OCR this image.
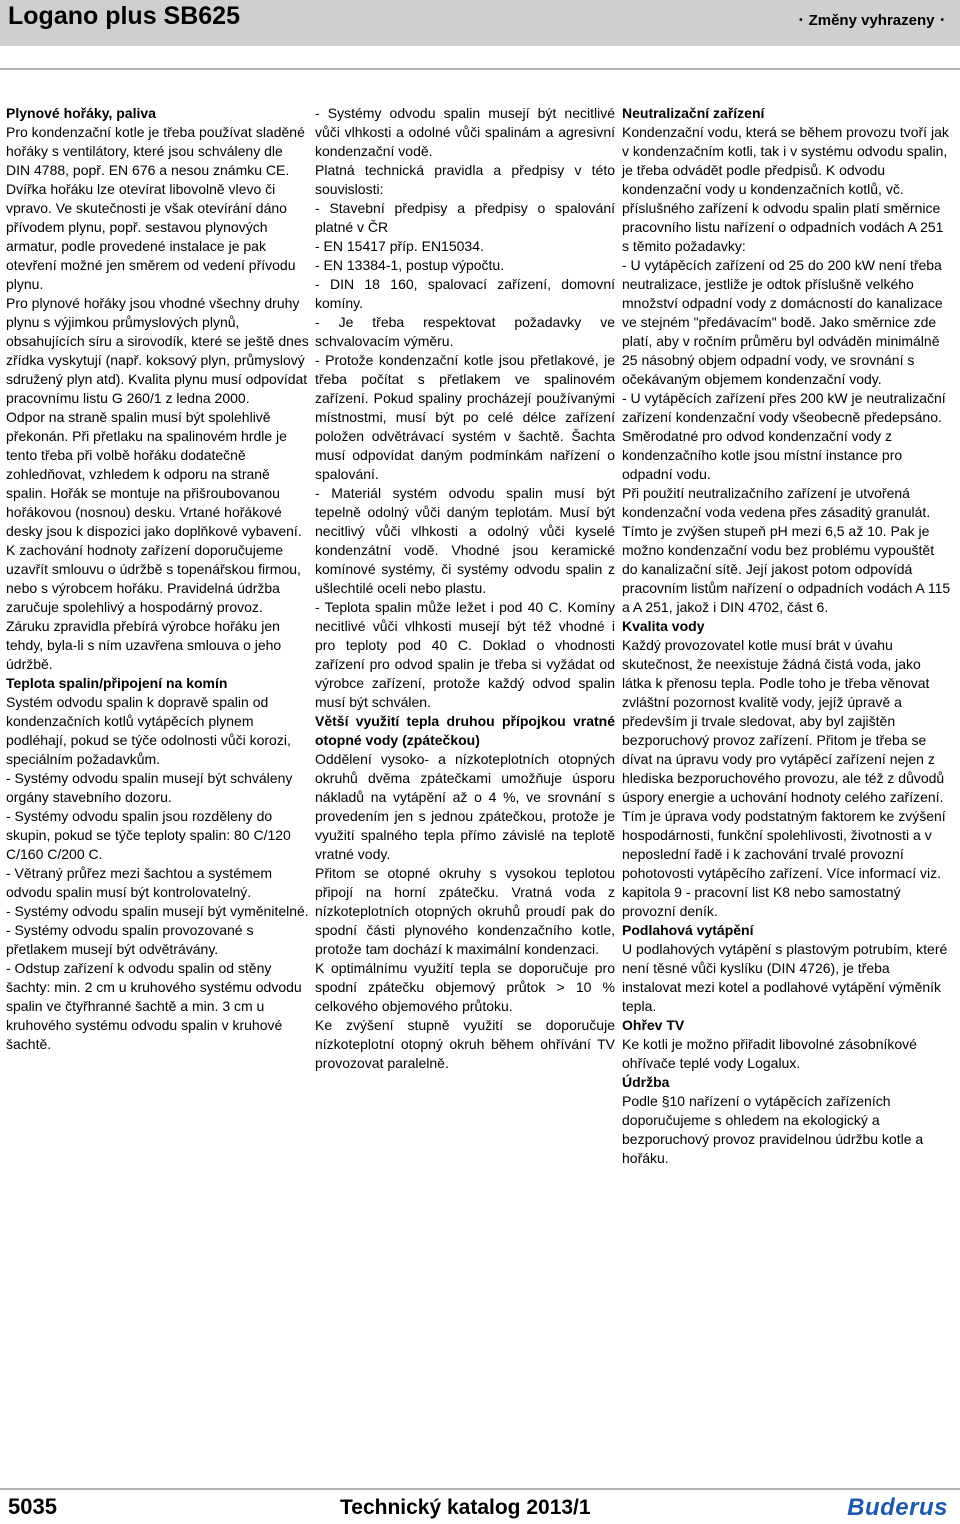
Logano plus SB625	• Změny vyhrazeny •

Plynové hořáky, paliva

Pro kondenzační kotle je třeba používat sladěné hořáky s ventilátory, které jsou schváleny dle DIN 4788, popř. EN 676 a nesou známku CE.

Dvířka hořáku lze otevírat libovolně vlevo či vpravo. Ve skutečnosti je však otevírání dáno přívodem plynu, popř. sestavou plynových armatur, podle provedené instalace je pak otevření možné jen směrem od vedení přívodu plynu.

Pro plynové hořáky jsou vhodné všechny druhy plynu s výjimkou průmyslových plynů, obsahujících síru a sirovodík, které se ještě dnes zřídka vyskytují (např. koksový plyn, průmyslový sdružený plyn atd). Kvalita plynu musí odpovídat pracovnímu listu G 260/1 z ledna 2000.

Odpor na straně spalin musí být spolehlivě překonán. Při přetlaku na spalinovém hrdle je tento třeba při volbě hořáku dodatečně zohledňovat, vzhledem k odporu na straně spalin. Hořák se montuje na přišroubovanou hořákovou (nosnou) desku. Vrtané hořákové desky jsou k dispozici jako doplňkové vybavení.

K zachování hodnoty zařízení doporučujeme uzavřít smlouvu o údržbě s topenářskou firmou, nebo s výrobcem hořáku. Pravidelná údržba zaručuje spolehlivý a hospodárný provoz. Záruku zpravidla přebírá výrobce hořáku jen tehdy, byla-li s ním uzavřena smlouva o jeho údržbě.

Teplota spalin/připojení na komín

Systém odvodu spalin k dopravě spalin od kondenzačních kotlů vytápěcích plynem podléhají, pokud se týče odolnosti vůči korozi, speciálním požadavkům.

- Systémy odvodu spalin musejí být schváleny orgány stavebního dozoru.

- Systémy odvodu spalin jsou rozděleny do skupin, pokud se týče teploty spalin: 80 C/120 C/160 C/200 C.

- Větraný průřez mezi šachtou a systémem odvodu spalin musí být kontrolovatelný.

- Systémy odvodu spalin musejí být vyměnitelné.

- Systémy odvodu spalin provozované s přetlakem musejí být odvětrávány.

- Odstup zařízení k odvodu spalin od stěny šachty: min. 2 cm u kruhového systému odvodu spalin ve čtyřhranné šachtě a min. 3 cm u kruhového systému odvodu spalin v kruhové šachtě.

- Systémy odvodu spalin musejí být necitlivé vůči vlhkosti a odolné vůči spalinám a agresivní kondenzační vodě.

Platná technická pravidla a předpisy v této souvislosti:

- Stavební předpisy a předpisy o spalování platné v ČR

- EN 15417 příp. EN15034.

- EN 13384-1, postup výpočtu.

- DIN 18 160, spalovací zařízení, domovní komíny.

- Je třeba respektovat požadavky ve schvalovacím výměru.

- Protože kondenzační kotle jsou přetlakové, je třeba počítat s přetlakem ve spalinovém zařízení. Pokud spaliny procházejí používanými místnostmi, musí být po celé délce zařízení položen odvětrávací systém v šachtě. Šachta musí odpovídat daným podmínkám nařízení o spalování.

- Materiál systém odvodu spalin musí být tepelně odolný vůči daným teplotám. Musí být necitlivý vůči vlhkosti a odolný vůči kyselé kondenzátní vodě. Vhodné jsou keramické komínové systémy, či systémy odvodu spalin z ušlechtilé oceli nebo plastu.

- Teplota spalin může ležet i pod 40 C. Komíny necitlivé vůči vlhkosti musejí být též vhodné i pro teploty pod 40 C. Doklad o vhodnosti zařízení pro odvod spalin je třeba si vyžádat od výrobce zařízení, protože každý odvod spalin musí být schválen.

Větší využití tepla druhou přípojkou vratné otopné vody (zpátečkou)

Oddělení vysoko- a nízkoteplotních otopných okruhů dvěma zpátečkami umožňuje úsporu nákladů na vytápění až o 4 %, ve srovnání s provedením jen s jednou zpátečkou, protože je využití spalného tepla přímo závislé na teplotě vratné vody.

Přitom se otopné okruhy s vysokou teplotou připojí na horní zpátečku. Vratná voda z nízkoteplotních otopných okruhů proudí pak do spodní části plynového kondenzačního kotle, protože tam dochází k maximální kondenzaci.

K optimálnímu využití tepla se doporučuje pro spodní zpátečku objemový průtok > 10 % celkového objemového průtoku.

Ke zvýšení stupně využití se doporučuje nízkoteplotní otopný okruh během ohřívání TV provozovat paralelně.

Neutralizační zařízení

Kondenzační vodu, která se během provozu tvoří jak v kondenzačním kotli, tak i v systému odvodu spalin, je třeba odvádět podle předpisů. K odvodu kondenzační vody u kondenzačních kotlů, vč. příslušného zařízení k odvodu spalin platí směrnice pracovního listu nařízení o odpadních vodách A 251 s těmito požadavky:

- U vytápěcích zařízení od 25 do 200 kW není třeba neutralizace, jestliže je odtok příslušně velkého množství odpadní vody z domácností do kanalizace ve stejném "předávacím" bodě. Jako směrnice zde platí, aby v ročním průměru byl odváděn minimálně 25 násobný objem odpadní vody, ve srovnání s očekávaným objemem kondenzační vody.

- U vytápěcích zařízení přes 200 kW je neutralizační zařízení kondenzační vody všeobecně předepsáno.

Směrodatné pro odvod kondenzační vody z kondenzačního kotle jsou místní instance pro odpadní vodu.

Při použití neutralizačního zařízení je utvořená kondenzační voda vedena přes zásaditý granulát. Tímto je zvýšen stupeň pH mezi 6,5 až 10. Pak je možno kondenzační vodu bez problému vypouštět do kanalizační sítě. Její jakost potom odpovídá pracovním listům nařízení o odpadních vodách A 115 a A 251, jakož i DIN 4702, část 6.

Kvalita vody

Každý provozovatel kotle musí brát v úvahu skutečnost, že neexistuje žádná čistá voda, jako látka k přenosu tepla. Podle toho je třeba věnovat zvláštní pozornost kvalitě vody, jejíž úpravě a především ji trvale sledovat, aby byl zajištěn bezporuchový provoz zařízení. Přitom je třeba se dívat na úpravu vody pro vytápěcí zařízení nejen z hlediska bezporuchového provozu, ale též z důvodů úspory energie a uchování hodnoty celého zařízení. Tím je úprava vody podstatným faktorem ke zvýšení hospodárnosti, funkční spolehlivosti, životnosti a v neposlední řadě i k zachování trvalé provozní pohotovosti vytápěcího zařízení. Více informací viz. kapitola 9 - pracovní list K8 nebo samostatný provozní deník.

Podlahová vytápění

U podlahových vytápění s plastovým potrubím, které není těsné vůči kyslíku (DIN 4726), je třeba instalovat mezi kotel a podlahové vytápění výměník tepla.

Ohřev TV

Ke kotli je možno přiřadit libovolné zásobníkové ohřívače teplé vody Logalux.

Údržba

Podle §10 nařízení o vytápěcích zařízeních doporučujeme s ohledem na ekologický a bezporuchový provoz pravidelnou údržbu kotle a hořáku.

5035	Technický katalog 2013/1	Buderus
